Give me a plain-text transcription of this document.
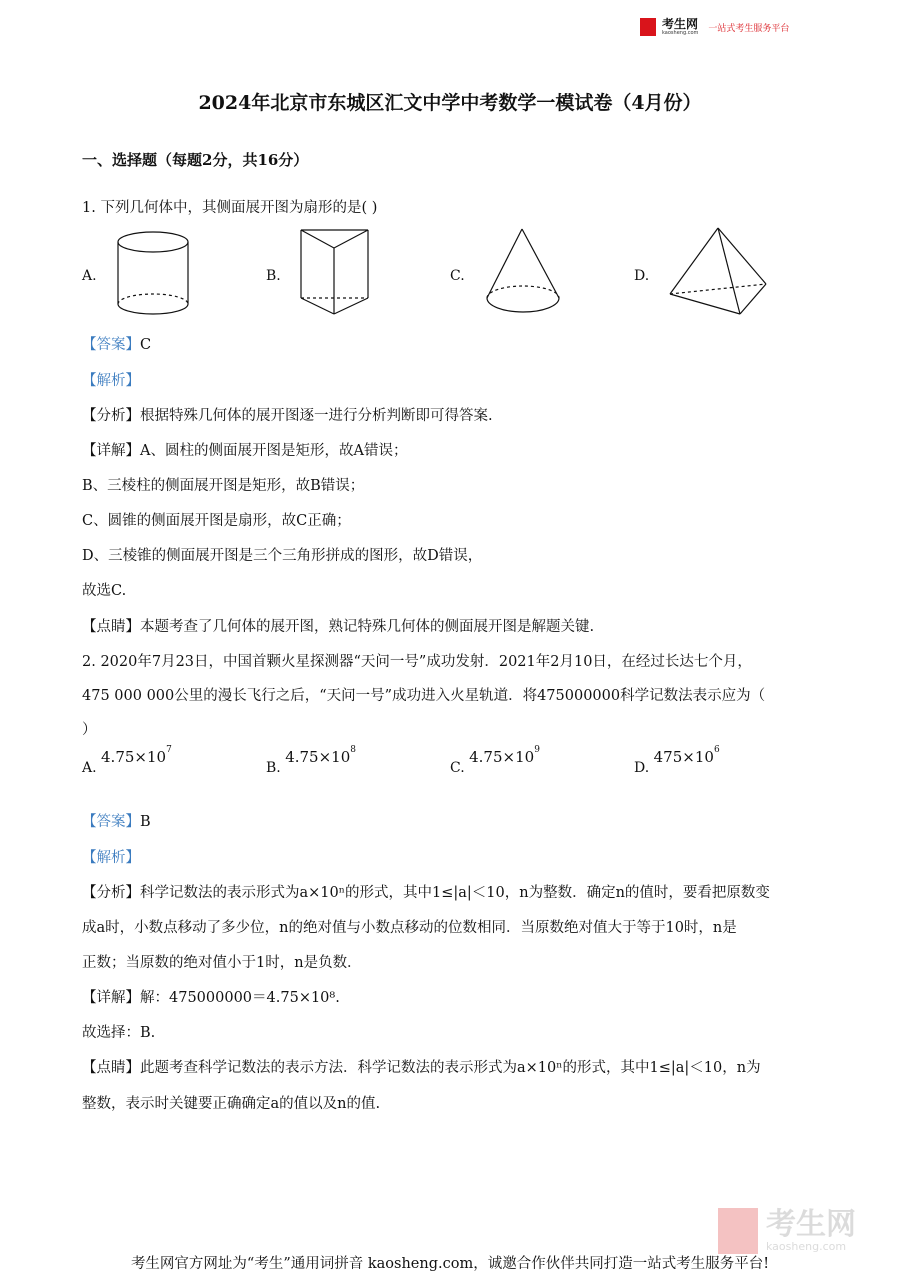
考生网
kaosheng.com 一站式考生服务平台
2024年北京市东城区汇文中学中考数学一模试卷（4月份）
一、选择题（每题2分，共16分）
1. 下列几何体中，其侧面展开图为扇形的是( )
A.	B.	C.	D.
【答案】C
【解析】
【分析】根据特殊几何体的展开图逐一进行分析判断即可得答案.
【详解】A、圆柱的侧面展开图是矩形，故A错误；
B、三棱柱的侧面展开图是矩形，故B错误；
C、圆锥的侧面展开图是扇形，故C正确；
D、三棱锥的侧面展开图是三个三角形拼成的图形，故D错误，
故选C.
【点睛】本题考查了几何体的展开图，熟记特殊几何体的侧面展开图是解题关键.
2. 2020年7月23日，中国首颗火星探测器“天问一号”成功发射．2021年2月10日，在经过长达七个月，
475 000 000公里的漫长飞行之后，“天问一号”成功进入火星轨道．将475000000科学记数法表示应为（
）
A. $4.75\times 10^7$
B. $4.75\times 10^8$
C. $4.75\times 10^9$
D. $475\times 10^6$
【答案】B
【解析】
【分析】科学记数法的表示形式为a×10ⁿ的形式，其中1≤|a|＜10，n为整数．确定n的值时，要看把原数变
成a时，小数点移动了多少位，n的绝对值与小数点移动的位数相同．当原数绝对值大于等于10时，n是
正数；当原数的绝对值小于1时，n是负数．
【详解】解：475000000＝4.75×10⁸.
故选择：B.
【点睛】此题考查科学记数法的表示方法．科学记数法的表示形式为a×10ⁿ的形式，其中1≤|a|＜10，n为
整数，表示时关键要正确确定a的值以及n的值.
考生网
kaosheng.com
考生网官方网址为“考生”通用词拼音 kaosheng.com，诚邀合作伙伴共同打造一站式考生服务平台!
